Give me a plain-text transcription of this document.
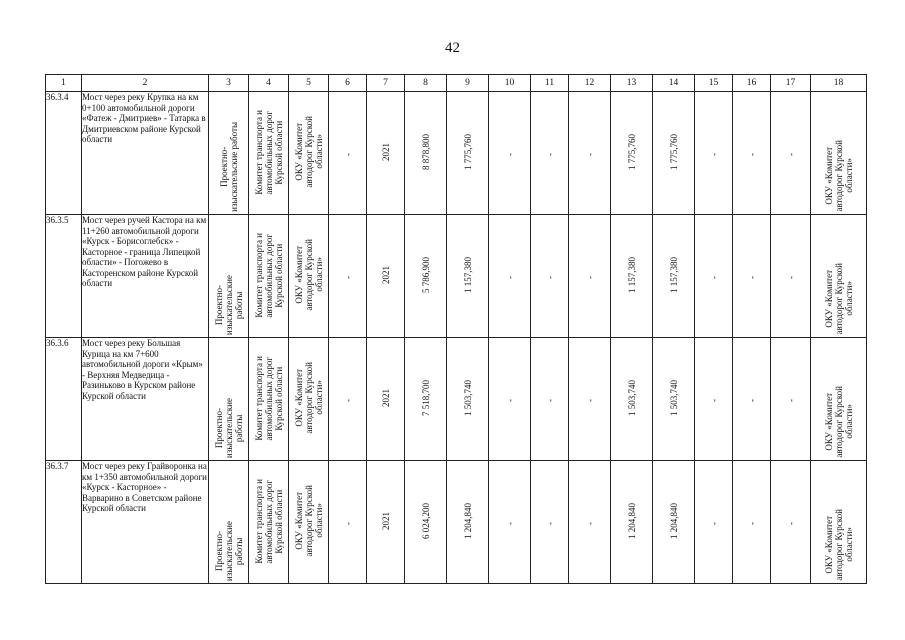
42
1	2	3	4	5	6	7	8	9	10	11	12	13	14	15	16	17	18
36.3.4	Мост через реку Крупка на км 0+100 автомобильной дороги «Фатеж - Дмитриев» - Татарка в Дмитриевском районе Курской области	Проектно-
изыскательские работы	Комитет транспорта и
автомобильных дорог
Курской области	ОКУ «Комитет
автодорог Курской
области»	-	2021	8 878,800	1 775,760	-	-	-	1 775,760	1 775,760	-	-	-	ОКУ «Комитет
автодорог Курской
области»
36.3.5	Мост через ручей Кастора на км 11+260 автомобильной дороги «Курск - Борисоглебск» - Касторное - граница Липецкой области» - Погожево в Касторенском районе Курской области	Проектно-
изыскательские
работы	Комитет транспорта и
автомобильных дорог
Курской области	ОКУ «Комитет
автодорог Курской
области»	-	2021	5 786,900	1 157,380	-	-	-	1 157,380	1 157,380	-	-	-	ОКУ «Комитет
автодорог Курской
области»
36.3.6	Мост через реку Большая Курица на км 7+600 автомобильной дороги «Крым» - Верхняя Медведица - Разиньково в Курском районе Курской области	Проектно-
изыскательские
работы	Комитет транспорта и
автомобильных дорог
Курской области	ОКУ «Комитет
автодорог Курской
области»	-	2021	7 518,700	1 503,740	-	-	-	1 503,740	1 503,740	-	-	-	ОКУ «Комитет
автодорог Курской
области»
36.3.7	Мост через реку Грайворонка на км 1+350 автомобильной дороги «Курск - Касторное» - Варварино в Советском районе Курской области	Проектно-
изыскательские
работы	Комитет транспорта и
автомобильных дорог
Курской области	ОКУ «Комитет
автодорог Курской
области»	-	2021	6 024,200	1 204,840	-	-	-	1 204,840	1 204,840	-	-	-	ОКУ «Комитет
автодорог Курской
области»
